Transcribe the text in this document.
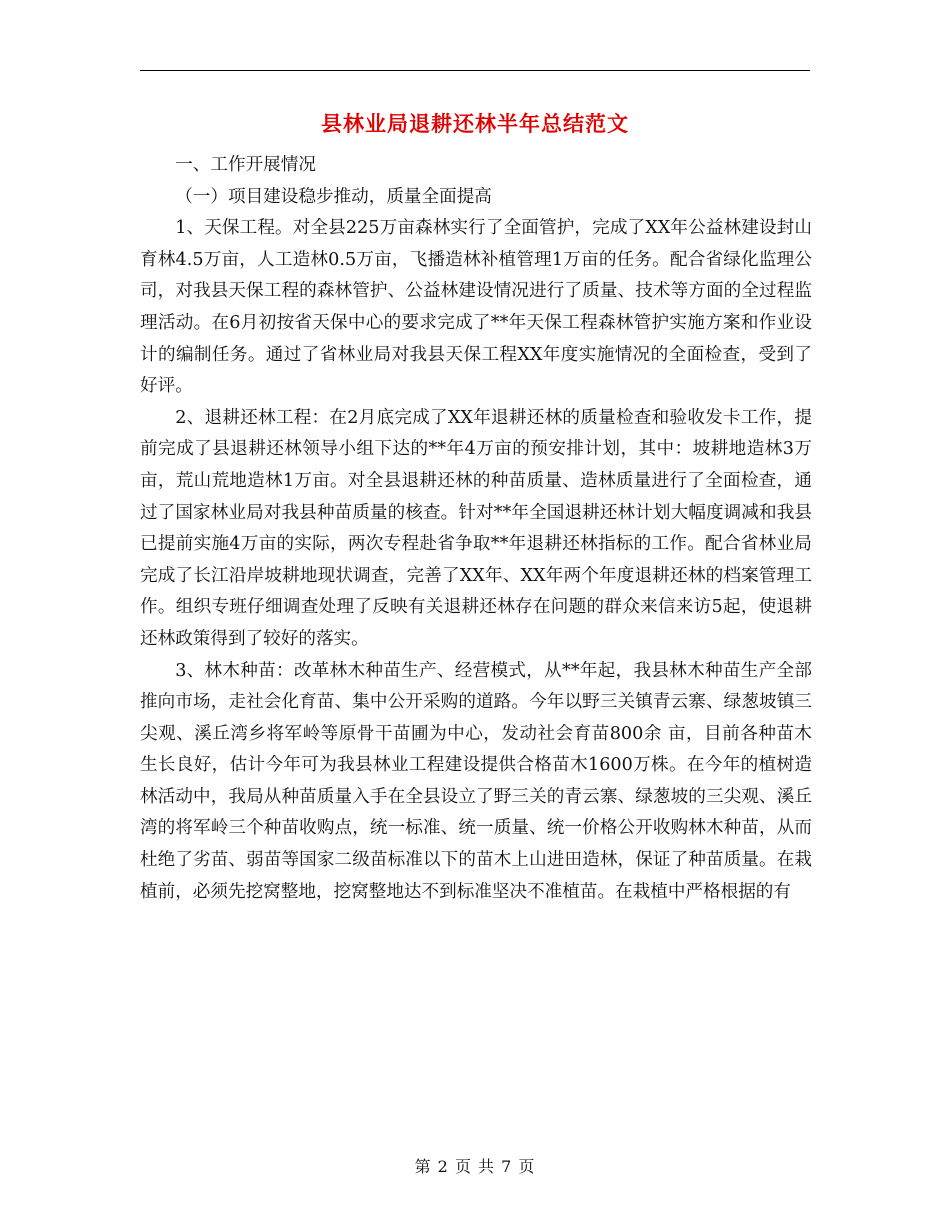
县林业局退耕还林半年总结范文

一、工作开展情况

（一）项目建设稳步推动，质量全面提高

1、天保工程。对全县225万亩森林实行了全面管护，完成了XX年公益林建设封山育林4.5万亩，人工造林0.5万亩，飞播造林补植管理1万亩的任务。配合省绿化监理公司，对我县天保工程的森林管护、公益林建设情况进行了质量、技术等方面的全过程监理活动。在6月初按省天保中心的要求完成了**年天保工程森林管护实施方案和作业设计的编制任务。通过了省林业局对我县天保工程XX年度实施情况的全面检查，受到了好评。

2、退耕还林工程：在2月底完成了XX年退耕还林的质量检查和验收发卡工作，提前完成了县退耕还林领导小组下达的**年4万亩的预安排计划，其中：坡耕地造林3万亩，荒山荒地造林1万亩。对全县退耕还林的种苗质量、造林质量进行了全面检查，通过了国家林业局对我县种苗质量的核查。针对**年全国退耕还林计划大幅度调减和我县已提前实施4万亩的实际，两次专程赴省争取**年退耕还林指标的工作。配合省林业局完成了长江沿岸坡耕地现状调查，完善了XX年、XX年两个年度退耕还林的档案管理工作。组织专班仔细调查处理了反映有关退耕还林存在问题的群众来信来访5起，使退耕还林政策得到了较好的落实。

3、林木种苗：改革林木种苗生产、经营模式，从**年起，我县林木种苗生产全部推向市场，走社会化育苗、集中公开采购的道路。今年以野三关镇青云寨、绿葱坡镇三尖观、溪丘湾乡将军岭等原骨干苗圃为中心，发动社会育苗800余 亩，目前各种苗木生长良好，估计今年可为我县林业工程建设提供合格苗木1600万株。在今年的植树造林活动中，我局从种苗质量入手在全县设立了野三关的青云寨、绿葱坡的三尖观、溪丘湾的将军岭三个种苗收购点，统一标准、统一质量、统一价格公开收购林木种苗，从而杜绝了劣苗、弱苗等国家二级苗标准以下的苗木上山进田造林，保证了种苗质量。在栽植前，必须先挖窝整地，挖窝整地达不到标准坚决不准植苗。在栽植中严格根据的有

第 2 页 共 7 页
